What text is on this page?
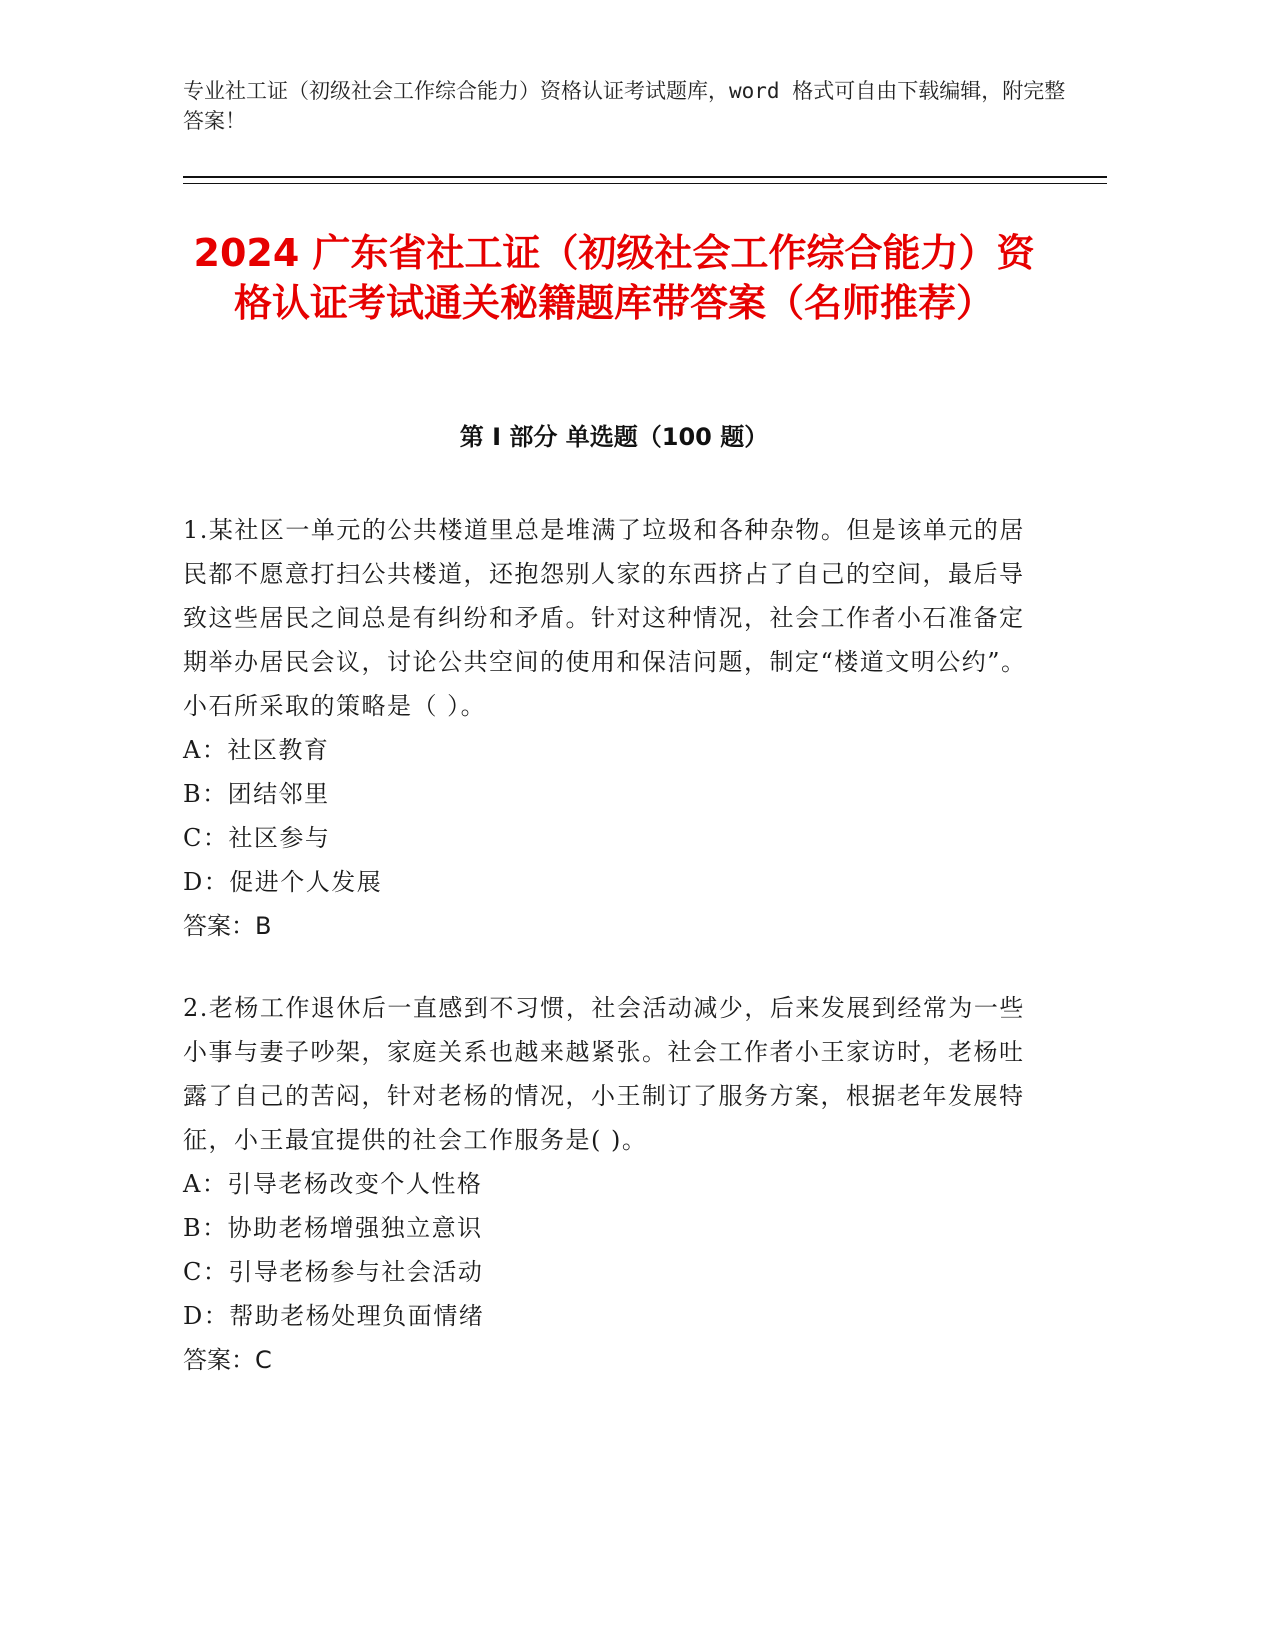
专业社工证（初级社会工作综合能力）资格认证考试题库，word 格式可自由下载编辑，附完整答案！
2024 广东省社工证（初级社会工作综合能力）资格认证考试通关秘籍题库带答案（名师推荐）
第 I 部分 单选题（100 题）

1.某社区一单元的公共楼道里总是堆满了垃圾和各种杂物。但是该单元的居民都不愿意打扫公共楼道，还抱怨别人家的东西挤占了自己的空间，最后导致这些居民之间总是有纠纷和矛盾。针对这种情况，社会工作者小石准备定期举办居民会议，讨论公共空间的使用和保洁问题，制定“楼道文明公约”。小石所采取的策略是（ ）。

A：社区教育

B：团结邻里

C：社区参与

D：促进个人发展

答案：B

2.老杨工作退休后一直感到不习惯，社会活动减少，后来发展到经常为一些小事与妻子吵架，家庭关系也越来越紧张。社会工作者小王家访时，老杨吐露了自己的苦闷，针对老杨的情况，小王制订了服务方案，根据老年发展特征，小王最宜提供的社会工作服务是( )。

A：引导老杨改变个人性格

B：协助老杨增强独立意识

C：引导老杨参与社会活动

D：帮助老杨处理负面情绪

答案：C
